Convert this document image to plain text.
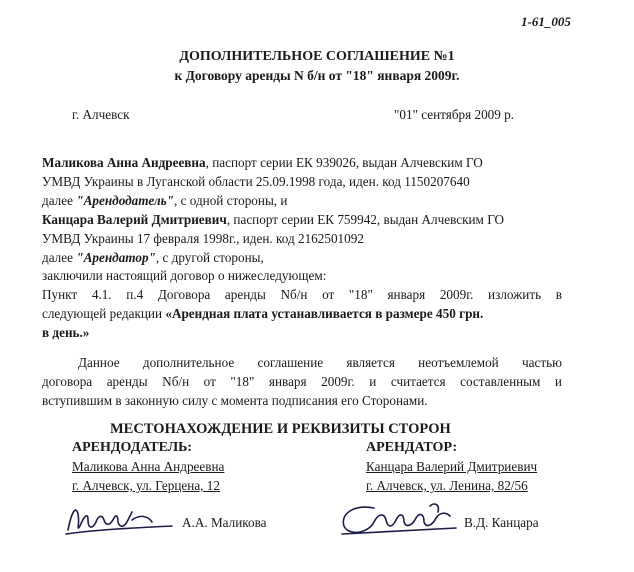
1-61_005
ДОПОЛНИТЕЛЬНОЕ СОГЛАШЕНИЕ №1
к Договору аренды N б/н от "18" января 2009г.
г. Алчевск	"01" сентября 2009 р.
Маликова Анна Андреевна, паспорт серии ЕК 939026, выдан Алчевским ГО
УМВД Украины в Луганской области 25.09.1998 года, иден. код 1150207640
далее "Арендодатель", с одной стороны, и
Канцара Валерий Дмитриевич, паспорт серии ЕК 759942, выдан Алчевским ГО
УМВД Украины 17 февраля 1998г., иден. код 2162501092
далее "Арендатор", с другой стороны,
заключили настоящий договор о нижеследующем:
Пункт 4.1. п.4 Договора аренды Nб/н от "18" января 2009г. изложить в
следующей редакции «Арендная плата устанавливается в размере 450 грн.
в день.»
Данное дополнительное соглашение является неотъемлемой частью
договора аренды Nб/н от "18" января 2009г. и считается составленным и
вступившим в законную силу с момента подписания его Сторонами.
МЕСТОНАХОЖДЕНИЕ И РЕКВИЗИТЫ СТОРОН
АРЕНДОДАТЕЛЬ:	АРЕНДАТОР:
Маликова Анна Андреевна	Канцара Валерий Дмитриевич
г. Алчевск, ул. Герцена, 12	г. Алчевск, ул. Ленина, 82/56
А.А. Маликова	В.Д. Канцара
